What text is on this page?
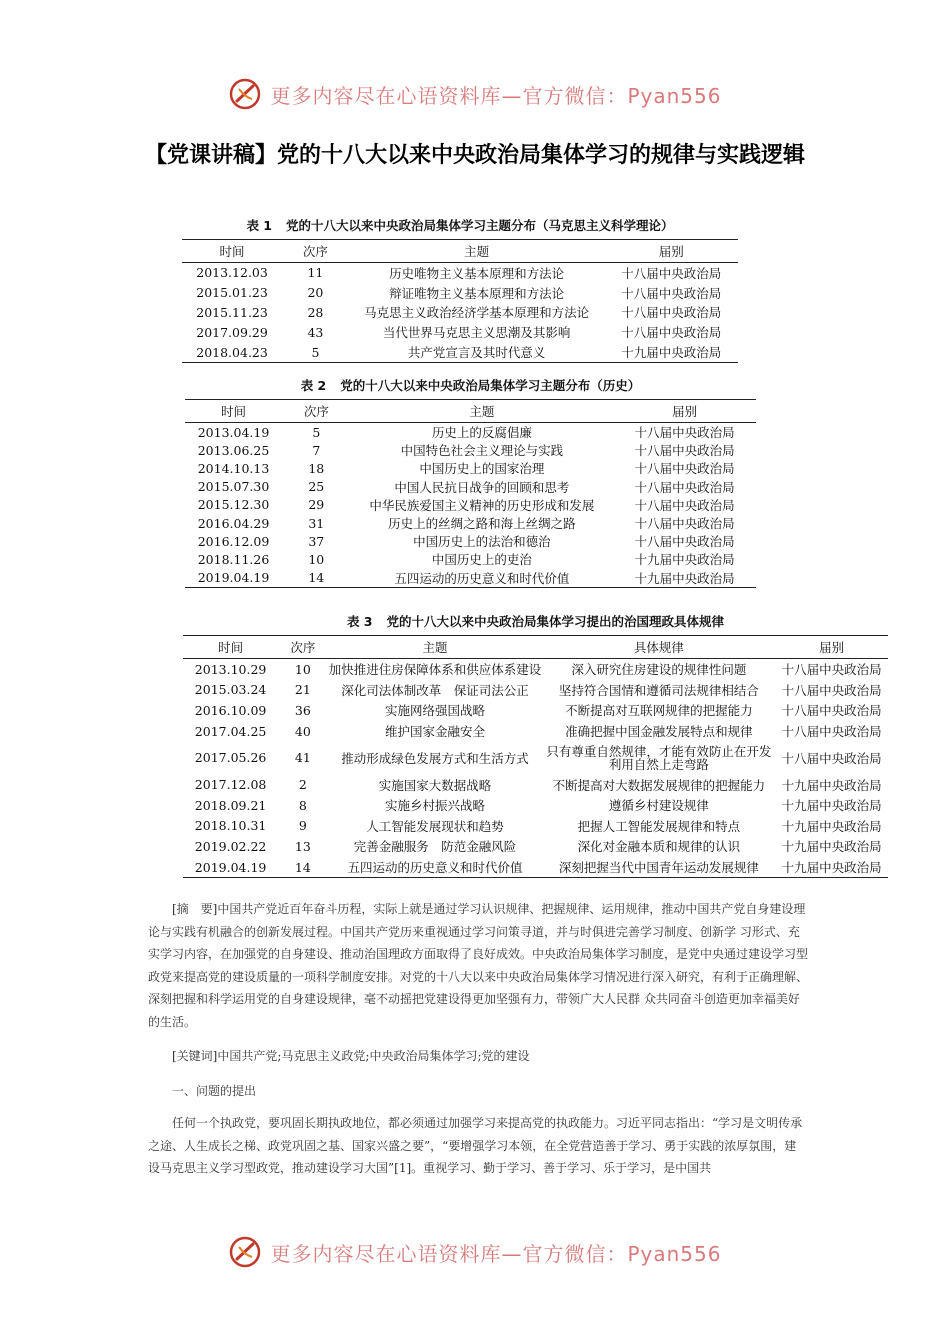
更多内容尽在心语资料库—官方微信：Pyan556
【党课讲稿】党的十八大以来中央政治局集体学习的规律与实践逻辑
表 1 党的十八大以来中央政治局集体学习主题分布（马克思主义科学理论）
时间	次序	主题	届别
2013.12.03	11	历史唯物主义基本原理和方法论	十八届中央政治局
2015.01.23	20	辩证唯物主义基本原理和方法论	十八届中央政治局
2015.11.23	28	马克思主义政治经济学基本原理和方法论	十八届中央政治局
2017.09.29	43	当代世界马克思主义思潮及其影响	十八届中央政治局
2018.04.23	5	共产党宣言及其时代意义	十九届中央政治局
表 2 党的十八大以来中央政治局集体学习主题分布（历史）
时间	次序	主题	届别
2013.04.19	5	历史上的反腐倡廉	十八届中央政治局
2013.06.25	7	中国特色社会主义理论与实践	十八届中央政治局
2014.10.13	18	中国历史上的国家治理	十八届中央政治局
2015.07.30	25	中国人民抗日战争的回顾和思考	十八届中央政治局
2015.12.30	29	中华民族爱国主义精神的历史形成和发展	十八届中央政治局
2016.04.29	31	历史上的丝绸之路和海上丝绸之路	十八届中央政治局
2016.12.09	37	中国历史上的法治和德治	十八届中央政治局
2018.11.26	10	中国历史上的吏治	十九届中央政治局
2019.04.19	14	五四运动的历史意义和时代价值	十九届中央政治局
表 3 党的十八大以来中央政治局集体学习提出的治国理政具体规律
时间	次序	主题	具体规律	届别
2013.10.29	10	加快推进住房保障体系和供应体系建设	深入研究住房建设的规律性问题	十八届中央政治局
2015.03.24	21	深化司法体制改革　保证司法公正	坚持符合国情和遵循司法规律相结合	十八届中央政治局
2016.10.09	36	实施网络强国战略	不断提高对互联网规律的把握能力	十八届中央政治局
2017.04.25	40	维护国家金融安全	准确把握中国金融发展特点和规律	十八届中央政治局
2017.05.26	41	推动形成绿色发展方式和生活方式	只有尊重自然规律，才能有效防止在开发利用自然上走弯路	十八届中央政治局
2017.12.08	2	实施国家大数据战略	不断提高对大数据发展规律的把握能力	十九届中央政治局
2018.09.21	8	实施乡村振兴战略	遵循乡村建设规律	十九届中央政治局
2018.10.31	9	人工智能发展现状和趋势	把握人工智能发展规律和特点	十九届中央政治局
2019.02.22	13	完善金融服务　防范金融风险	深化对金融本质和规律的认识	十九届中央政治局
2019.04.19	14	五四运动的历史意义和时代价值	深刻把握当代中国青年运动发展规律	十九届中央政治局

[摘　要]中国共产党近百年奋斗历程，实际上就是通过学习认识规律、把握规律、运用规律，推动中国共产党自身建设理论与实践有机融合的创新发展过程。中国共产党历来重视通过学习问策寻道，并与时俱进完善学习制度、创新学 习形式、充实学习内容，在加强党的自身建设、推动治国理政方面取得了良好成效。中央政治局集体学习制度，是党中央通过建设学习型政党来提高党的建设质量的一项科学制度安排。对党的十八大以来中央政治局集体学习情况进行深入研究，有利于正确理解、深刻把握和科学运用党的自身建设规律，毫不动摇把党建设得更加坚强有力，带领广大人民群 众共同奋斗创造更加幸福美好的生活。

[关键词]中国共产党;马克思主义政党;中央政治局集体学习;党的建设

一、问题的提出

任何一个执政党，要巩固长期执政地位，都必须通过加强学习来提高党的执政能力。习近平同志指出：“学习是文明传承之途、人生成长之梯、政党巩固之基、国家兴盛之要”，“要增强学习本领，在全党营造善于学习、勇于实践的浓厚氛围，建设马克思主义学习型政党，推动建设学习大国”[1]。重视学习、勤于学习、善于学习、乐于学习，是中国共

更多内容尽在心语资料库—官方微信：Pyan556
